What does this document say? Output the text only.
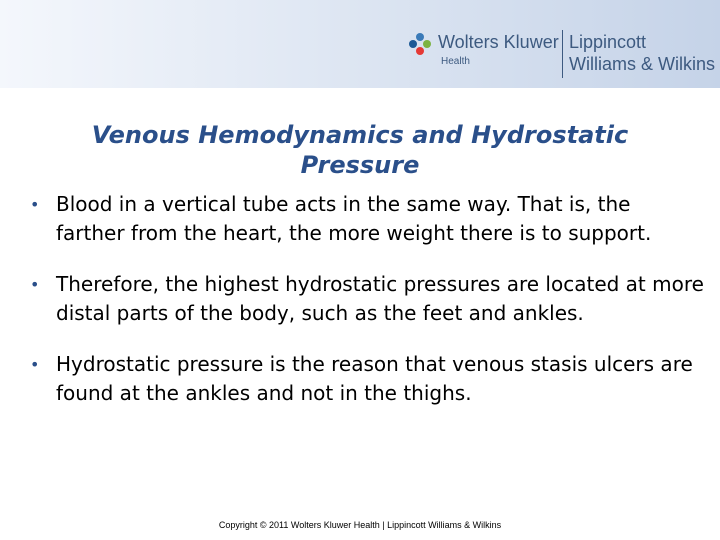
Wolters Kluwer
Health
Lippincott
Williams & Wilkins
Venous Hemodynamics and Hydrostatic Pressure
• Blood in a vertical tube acts in the same way. That is, the farther from the heart, the more weight there is to support.
• Therefore, the highest hydrostatic pressures are located at more distal parts of the body, such as the feet and ankles.
• Hydrostatic pressure is the reason that venous stasis ulcers are found at the ankles and not in the thighs.
Copyright © 2011 Wolters Kluwer Health | Lippincott Williams & Wilkins
